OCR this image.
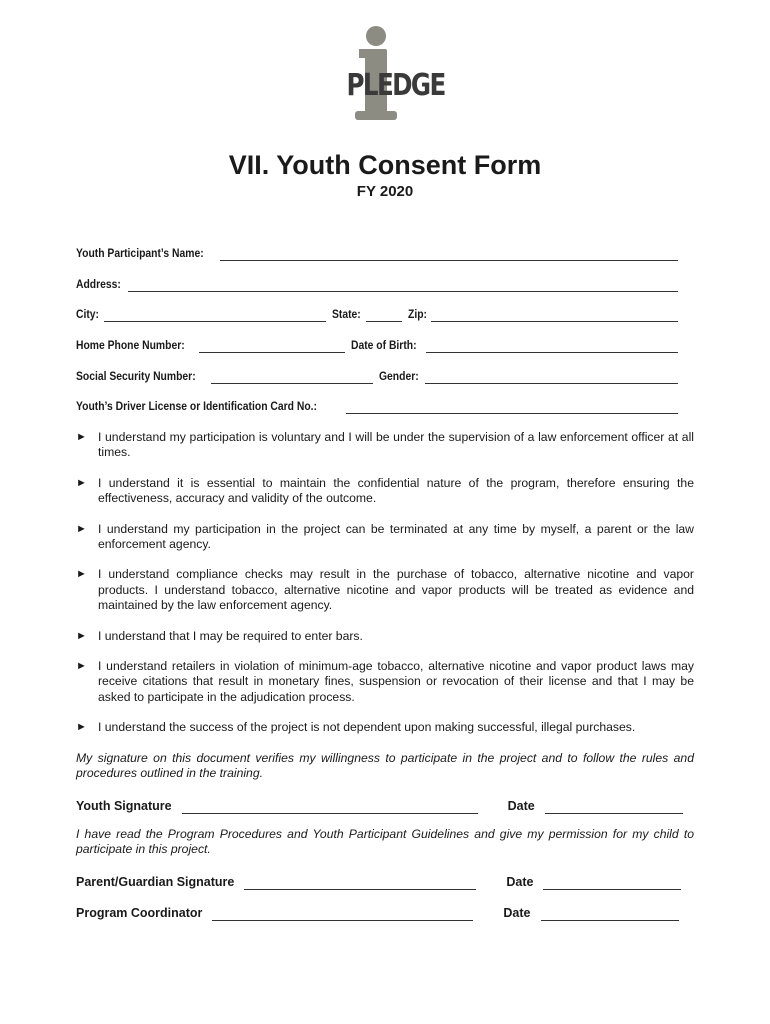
PLEDGE
VII. Youth Consent Form
FY 2020
Youth Participant’s Name:
Address:
City:	State:	Zip:
Home Phone Number:	Date of Birth:
Social Security Number:	Gender:
Youth’s Driver License or Identification Card No.:
► I understand my participation is voluntary and I will be under the supervision of a law enforcement officer at all times.
► I understand it is essential to maintain the confidential nature of the program, therefore ensuring the effectiveness, accuracy and validity of the outcome.
► I understand my participation in the project can be terminated at any time by myself, a parent or the law enforcement agency.
► I understand compliance checks may result in the purchase of tobacco, alternative nicotine and vapor products. I understand tobacco, alternative nicotine and vapor products will be treated as evidence and maintained by the law enforcement agency.
► I understand that I may be required to enter bars.
► I understand retailers in violation of minimum-age tobacco, alternative nicotine and vapor product laws may receive citations that result in monetary fines, suspension or revocation of their license and that I may be asked to participate in the adjudication process.
► I understand the success of the project is not dependent upon making successful, illegal purchases.
My signature on this document verifies my willingness to participate in the project and to follow the rules and procedures outlined in the training.
Youth Signature	Date
I have read the Program Procedures and Youth Participant Guidelines and give my permission for my child to participate in this project.
Parent/Guardian Signature	Date
Program Coordinator	Date
